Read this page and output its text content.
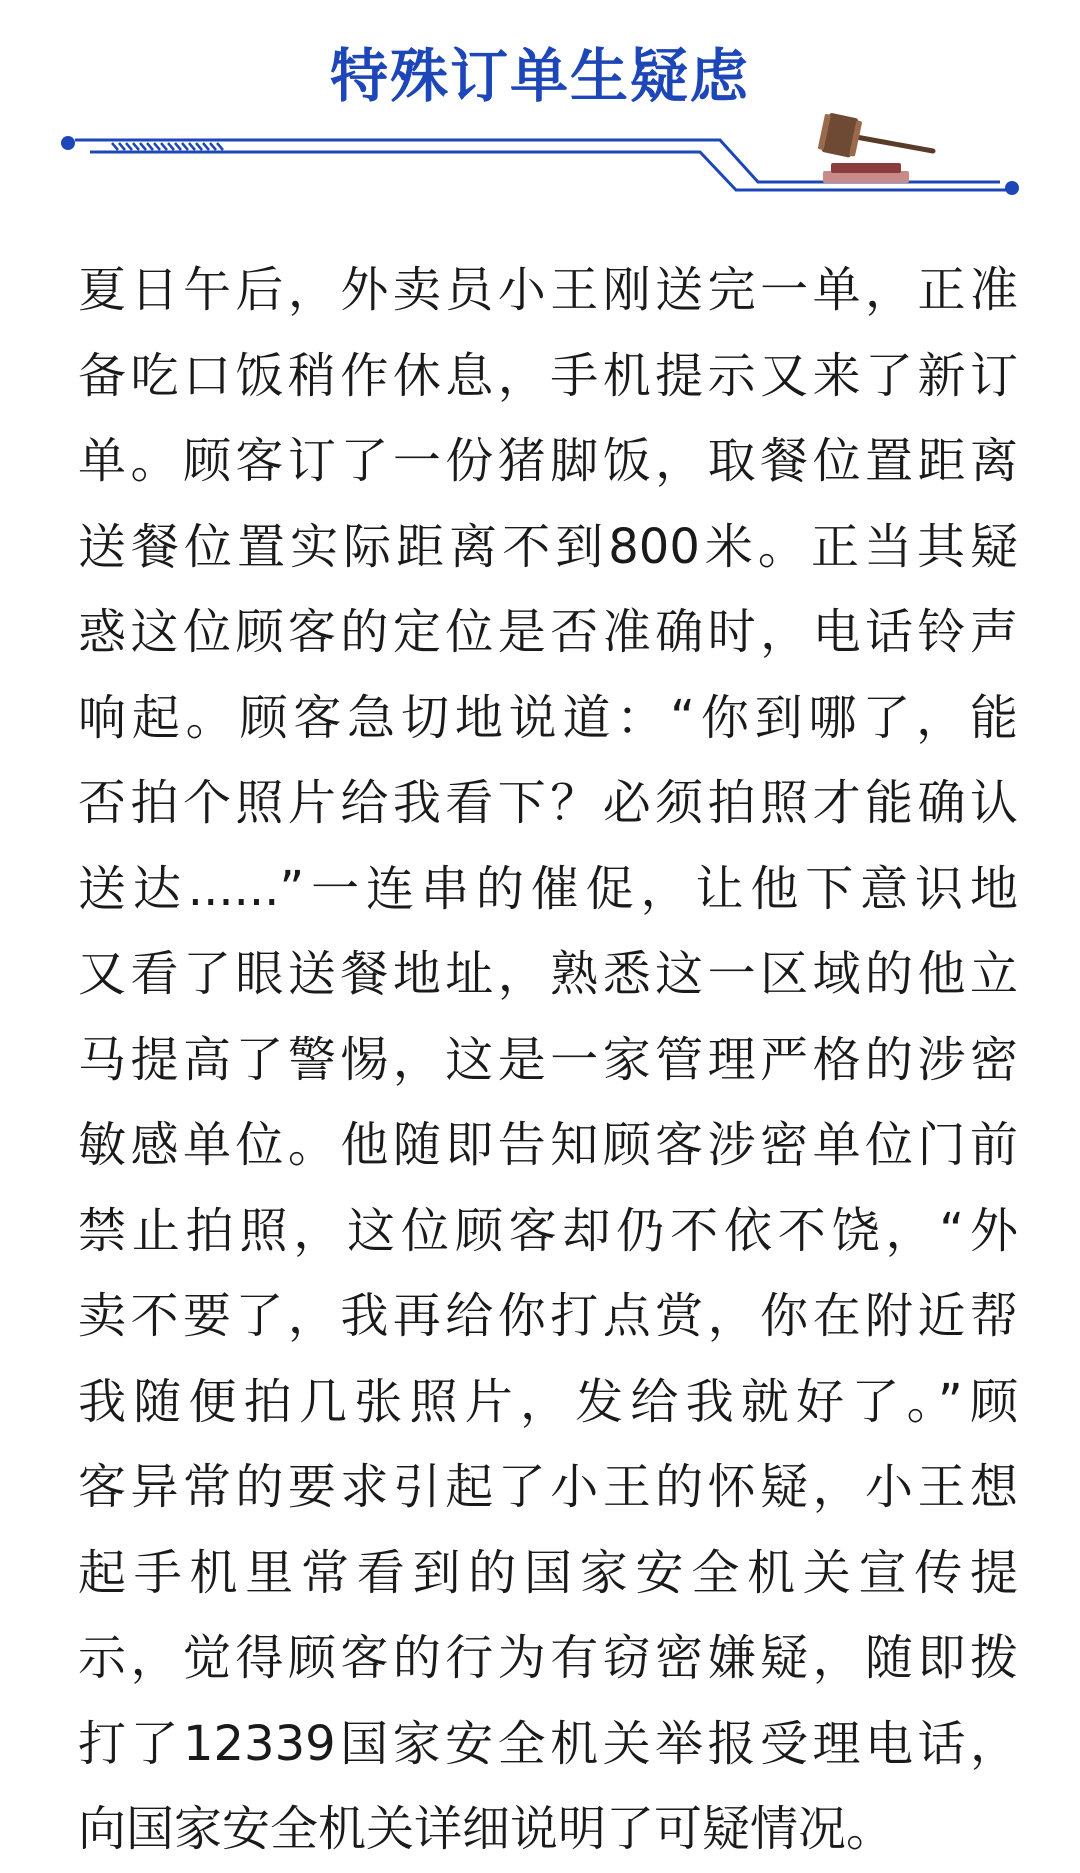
特殊订单生疑虑
夏日午后，外卖员小王刚送完一单，正准
备吃口饭稍作休息，手机提示又来了新订
单。顾客订了一份猪脚饭，取餐位置距离
送餐位置实际距离不到800米。正当其疑
惑这位顾客的定位是否准确时，电话铃声
响起。顾客急切地说道：“你到哪了，能
否拍个照片给我看下？必须拍照才能确认
送达......”一连串的催促，让他下意识地
又看了眼送餐地址，熟悉这一区域的他立
马提高了警惕，这是一家管理严格的涉密
敏感单位。他随即告知顾客涉密单位门前
禁止拍照，这位顾客却仍不依不饶，“外
卖不要了，我再给你打点赏，你在附近帮
我随便拍几张照片，发给我就好了。”顾
客异常的要求引起了小王的怀疑，小王想
起手机里常看到的国家安全机关宣传提
示，觉得顾客的行为有窃密嫌疑，随即拨
打了12339国家安全机关举报受理电话，
向国家安全机关详细说明了可疑情况。
